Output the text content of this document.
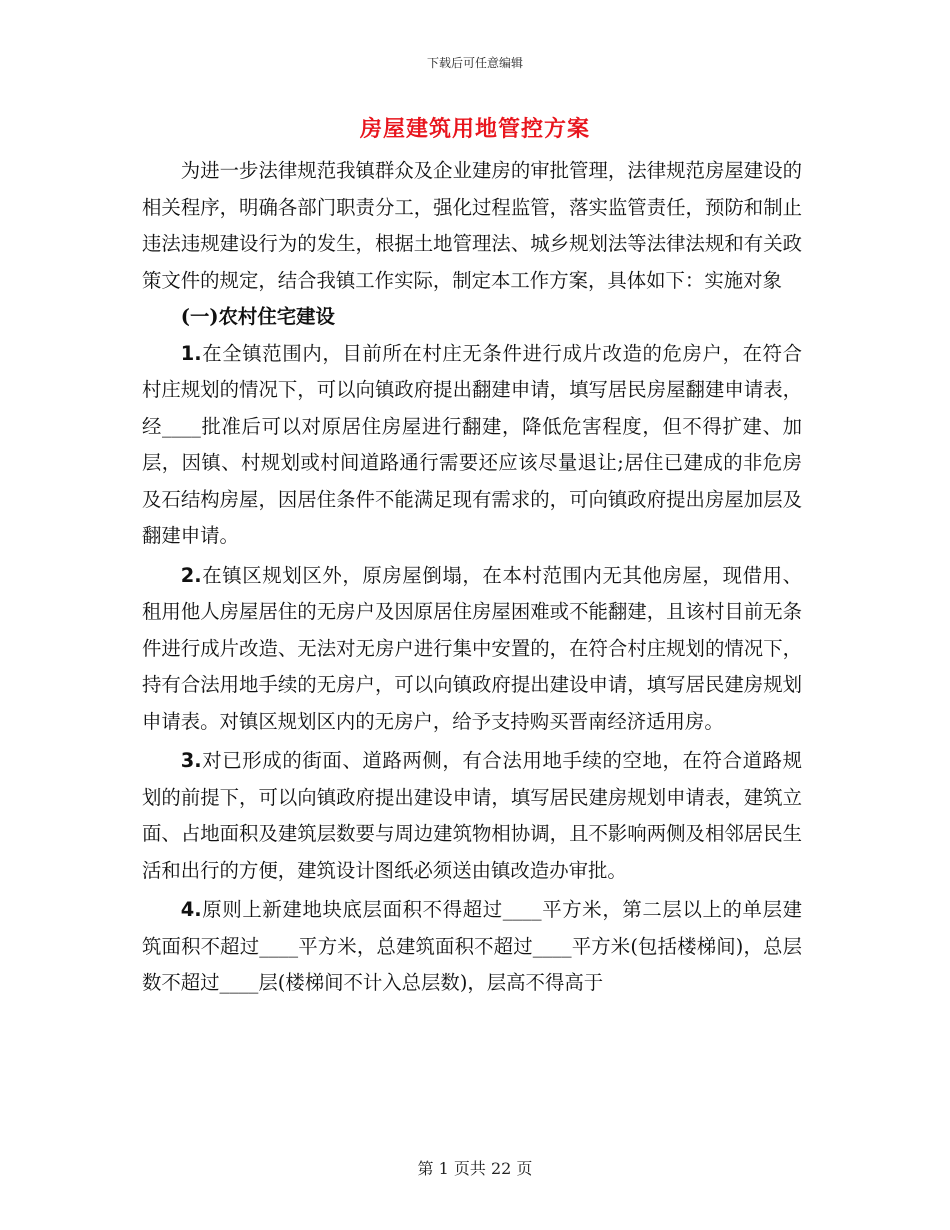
下载后可任意编辑
房屋建筑用地管控方案

为进一步法律规范我镇群众及企业建房的审批管理，法律规范房屋建设的相关程序，明确各部门职责分工，强化过程监管，落实监管责任，预防和制止违法违规建设行为的发生，根据土地管理法、城乡规划法等法律法规和有关政策文件的规定，结合我镇工作实际，制定本工作方案，具体如下：实施对象

(一)农村住宅建设

1.在全镇范围内，目前所在村庄无条件进行成片改造的危房户，在符合村庄规划的情况下，可以向镇政府提出翻建申请，填写居民房屋翻建申请表，经____批准后可以对原居住房屋进行翻建，降低危害程度，但不得扩建、加层，因镇、村规划或村间道路通行需要还应该尽量退让;居住已建成的非危房及石结构房屋，因居住条件不能满足现有需求的，可向镇政府提出房屋加层及翻建申请。

2.在镇区规划区外，原房屋倒塌，在本村范围内无其他房屋，现借用、租用他人房屋居住的无房户及因原居住房屋困难或不能翻建，且该村目前无条件进行成片改造、无法对无房户进行集中安置的，在符合村庄规划的情况下，持有合法用地手续的无房户，可以向镇政府提出建设申请，填写居民建房规划申请表。对镇区规划区内的无房户，给予支持购买晋南经济适用房。

3.对已形成的街面、道路两侧，有合法用地手续的空地，在符合道路规划的前提下，可以向镇政府提出建设申请，填写居民建房规划申请表，建筑立面、占地面积及建筑层数要与周边建筑物相协调，且不影响两侧及相邻居民生活和出行的方便，建筑设计图纸必须送由镇改造办审批。

4.原则上新建地块底层面积不得超过____平方米，第二层以上的单层建筑面积不超过____平方米，总建筑面积不超过____平方米(包括楼梯间)，总层数不超过____层(楼梯间不计入总层数)，层高不得高于

第 1 页共 22 页
